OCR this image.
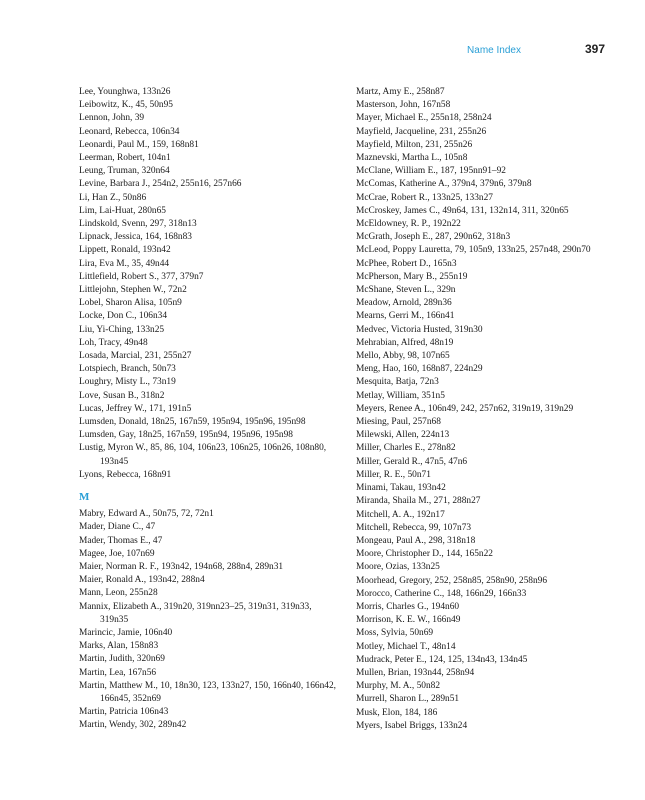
Name Index	397
Lee, Younghwa, 133n26
Leibowitz, K., 45, 50n95
Lennon, John, 39
Leonard, Rebecca, 106n34
Leonardi, Paul M., 159, 168n81
Leerman, Robert, 104n1
Leung, Truman, 320n64
Levine, Barbara J., 254n2, 255n16, 257n66
Li, Han Z., 50n86
Lim, Lai-Huat, 280n65
Lindskold, Svenn, 297, 318n13
Lipnack, Jessica, 164, 168n83
Lippett, Ronald, 193n42
Lira, Eva M., 35, 49n44
Littlefield, Robert S., 377, 379n7
Littlejohn, Stephen W., 72n2
Lobel, Sharon Alisa, 105n9
Locke, Don C., 106n34
Liu, Yi-Ching, 133n25
Loh, Tracy, 49n48
Losada, Marcial, 231, 255n27
Lotspiech, Branch, 50n73
Loughry, Misty L., 73n19
Love, Susan B., 318n2
Lucas, Jeffrey W., 171, 191n5
Lumsden, Donald, 18n25, 167n59, 195n94, 195n96, 195n98
Lumsden, Gay, 18n25, 167n59, 195n94, 195n96, 195n98
Lustig, Myron W., 85, 86, 104, 106n23, 106n25, 106n26, 108n80, 193n45
Lyons, Rebecca, 168n91
M
Mabry, Edward A., 50n75, 72, 72n1
Mader, Diane C., 47
Mader, Thomas E., 47
Magee, Joe, 107n69
Maier, Norman R. F., 193n42, 194n68, 288n4, 289n31
Maier, Ronald A., 193n42, 288n4
Mann, Leon, 255n28
Mannix, Elizabeth A., 319n20, 319nn23–25, 319n31, 319n33, 319n35
Marincic, Jamie, 106n40
Marks, Alan, 158n83
Martin, Judith, 320n69
Martin, Lea, 167n56
Martin, Matthew M., 10, 18n30, 123, 133n27, 150, 166n40, 166n42, 166n45, 352n69
Martin, Patricia 106n43
Martin, Wendy, 302, 289n42
Martz, Amy E., 258n87
Masterson, John, 167n58
Mayer, Michael E., 255n18, 258n24
Mayfield, Jacqueline, 231, 255n26
Mayfield, Milton, 231, 255n26
Maznevski, Martha L., 105n8
McClane, William E., 187, 195nn91–92
McComas, Katherine A., 379n4, 379n6, 379n8
McCrae, Robert R., 133n25, 133n27
McCroskey, James C., 49n64, 131, 132n14, 311, 320n65
McEldowney, R. P., 192n22
McGrath, Joseph E., 287, 290n62, 318n3
McLeod, Poppy Lauretta, 79, 105n9, 133n25, 257n48, 290n70
McPhee, Robert D., 165n3
McPherson, Mary B., 255n19
McShane, Steven L., 329n
Meadow, Arnold, 289n36
Mearns, Gerri M., 166n41
Medvec, Victoria Husted, 319n30
Mehrabian, Alfred, 48n19
Mello, Abby, 98, 107n65
Meng, Hao, 160, 168n87, 224n29
Mesquita, Batja, 72n3
Metlay, William, 351n5
Meyers, Renee A., 106n49, 242, 257n62, 319n19, 319n29
Miesing, Paul, 257n68
Milewski, Allen, 224n13
Miller, Charles E., 278n82
Miller, Gerald R., 47n5, 47n6
Miller, R. E., 50n71
Minami, Takau, 193n42
Miranda, Shaila M., 271, 288n27
Mitchell, A. A., 192n17
Mitchell, Rebecca, 99, 107n73
Mongeau, Paul A., 298, 318n18
Moore, Christopher D., 144, 165n22
Moore, Ozias, 133n25
Moorhead, Gregory, 252, 258n85, 258n90, 258n96
Morocco, Catherine C., 148, 166n29, 166n33
Morris, Charles G., 194n60
Morrison, K. E. W., 166n49
Moss, Sylvia, 50n69
Motley, Michael T., 48n14
Mudrack, Peter E., 124, 125, 134n43, 134n45
Mullen, Brian, 193n44, 258n94
Murphy, M. A., 50n82
Murrell, Sharon L., 289n51
Musk, Elon, 184, 186
Myers, Isabel Briggs, 133n24
